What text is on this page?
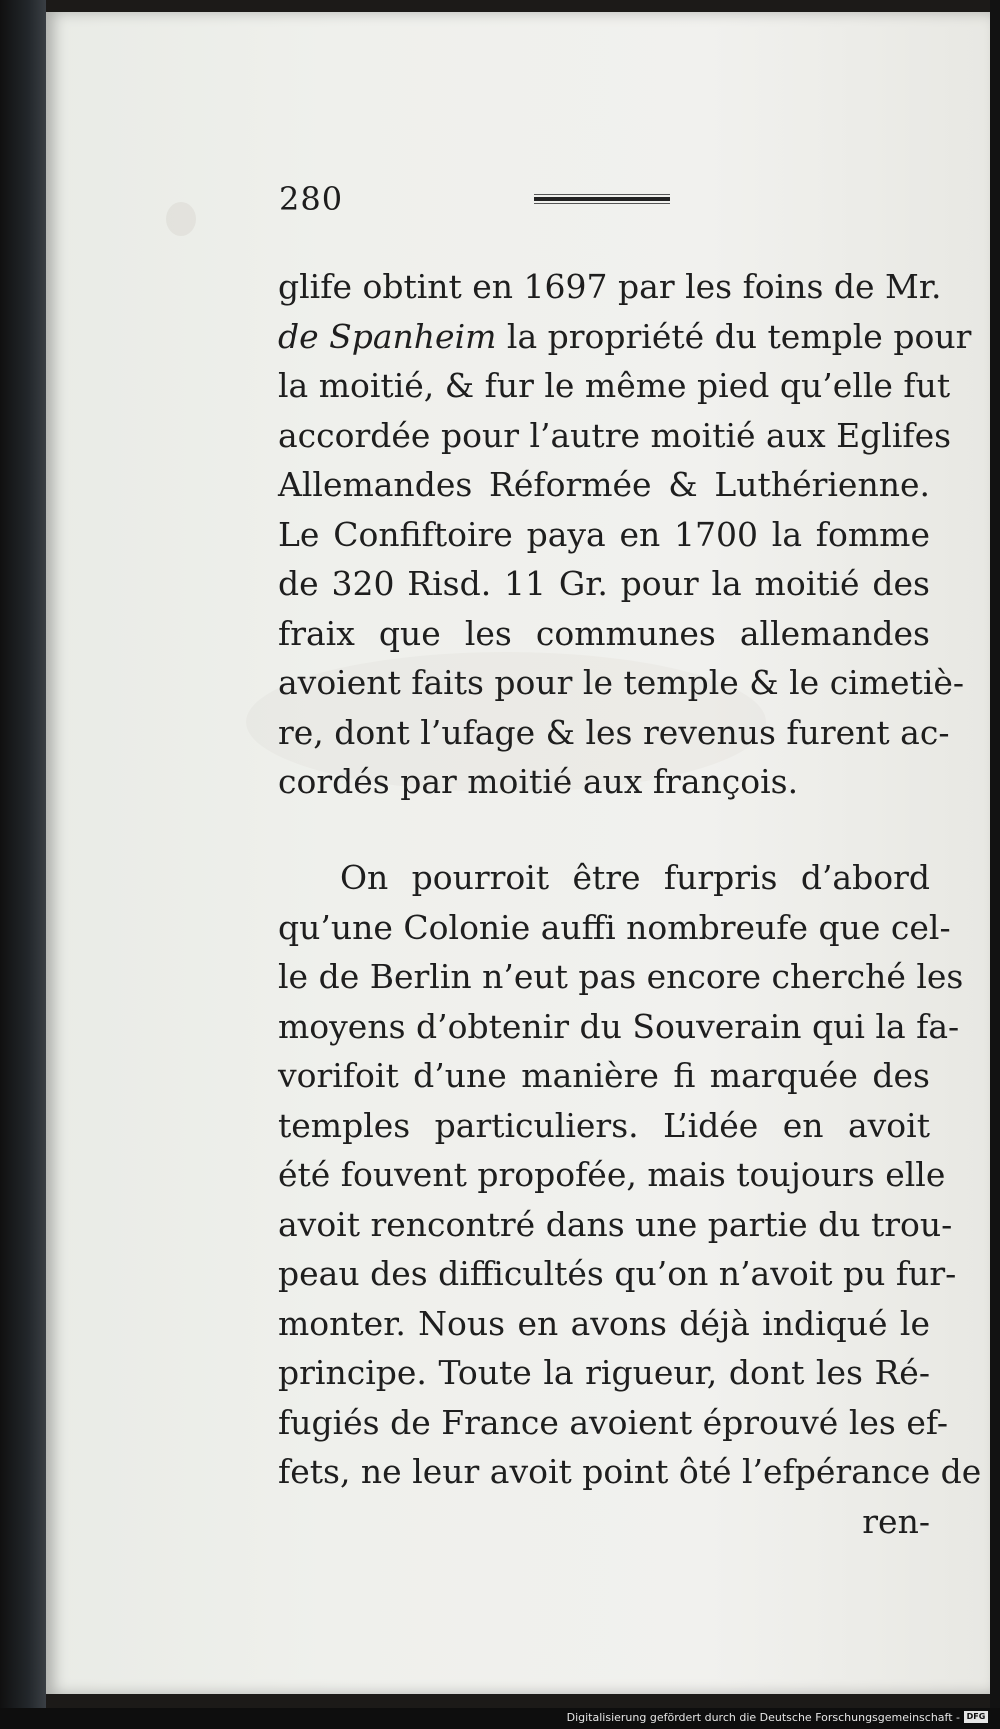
280
glife obtint en 1697 par les foins de Mr.
de Spanheim la propriété du temple pour
la moitié, & fur le même pied qu’elle fut
accordée pour l’autre moitié aux Eglifes
Allemandes Réformée & Luthérienne.
Le Confiftoire paya en 1700 la fomme
de 320 Risd. 11 Gr. pour la moitié des
fraix que les communes allemandes
avoient faits pour le temple & le cimetiè-
re, dont l’ufage & les revenus furent ac-
cordés par moitié aux françois.
On pourroit être furpris d’abord
qu’une Colonie auffi nombreufe que cel-
le de Berlin n’eut pas encore cherché les
moyens d’obtenir du Souverain qui la fa-
vorifoit d’une manière fi marquée des
temples particuliers. L’idée en avoit
été fouvent propofée, mais toujours elle
avoit rencontré dans une partie du trou-
peau des difficultés qu’on n’avoit pu fur-
monter. Nous en avons déjà indiqué le
principe. Toute la rigueur, dont les Ré-
fugiés de France avoient éprouvé les ef-
fets, ne leur avoit point ôté l’efpérance de
ren-
Digitalisierung gefördert durch die Deutsche Forschungsgemeinschaft - DFG
